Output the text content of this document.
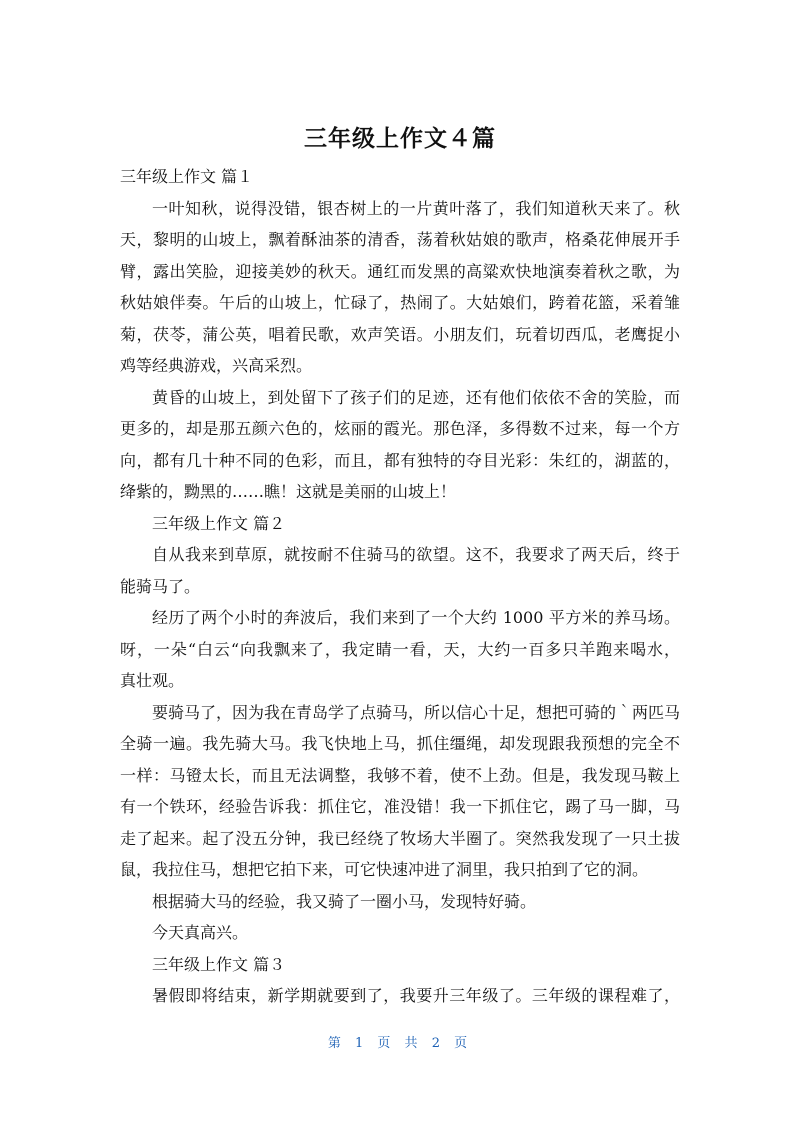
三年级上作文４篇
三年级上作文 篇１
一叶知秋，说得没错，银杏树上的一片黄叶落了，我们知道秋天来了。秋
天，黎明的山坡上，飘着酥油茶的清香，荡着秋姑娘的歌声，格桑花伸展开手
臂，露出笑脸，迎接美妙的秋天。通红而发黑的高粱欢快地演奏着秋之歌，为
秋姑娘伴奏。午后的山坡上，忙碌了，热闹了。大姑娘们，跨着花篮，采着雏
菊，茯苓，蒲公英，唱着民歌，欢声笑语。小朋友们，玩着切西瓜，老鹰捉小
鸡等经典游戏，兴高采烈。
黄昏的山坡上，到处留下了孩子们的足迹，还有他们依依不舍的笑脸，而
更多的，却是那五颜六色的，炫丽的霞光。那色泽，多得数不过来，每一个方
向，都有几十种不同的色彩，而且，都有独特的夺目光彩：朱红的，湖蓝的，
绛紫的，黝黑的……瞧！这就是美丽的山坡上！
三年级上作文 篇２
自从我来到草原，就按耐不住骑马的欲望。这不，我要求了两天后，终于
能骑马了。
经历了两个小时的奔波后，我们来到了一个大约 1000 平方米的养马场。
呀，一朵“白云“向我飘来了，我定睛一看，天，大约一百多只羊跑来喝水，
真壮观。
要骑马了，因为我在青岛学了点骑马，所以信心十足，想把可骑的｀两匹马
全骑一遍。我先骑大马。我飞快地上马，抓住缰绳，却发现跟我预想的完全不
一样：马镫太长，而且无法调整，我够不着，使不上劲。但是，我发现马鞍上
有一个铁环，经验告诉我：抓住它，准没错！我一下抓住它，踢了马一脚，马
走了起来。起了没五分钟，我已经绕了牧场大半圈了。突然我发现了一只土拔
鼠，我拉住马，想把它拍下来，可它快速冲进了洞里，我只拍到了它的洞。
根据骑大马的经验，我又骑了一圈小马，发现特好骑。
今天真高兴。
三年级上作文 篇３
暑假即将结束，新学期就要到了，我要升三年级了。三年级的课程难了，
第 1 页 共 2 页
